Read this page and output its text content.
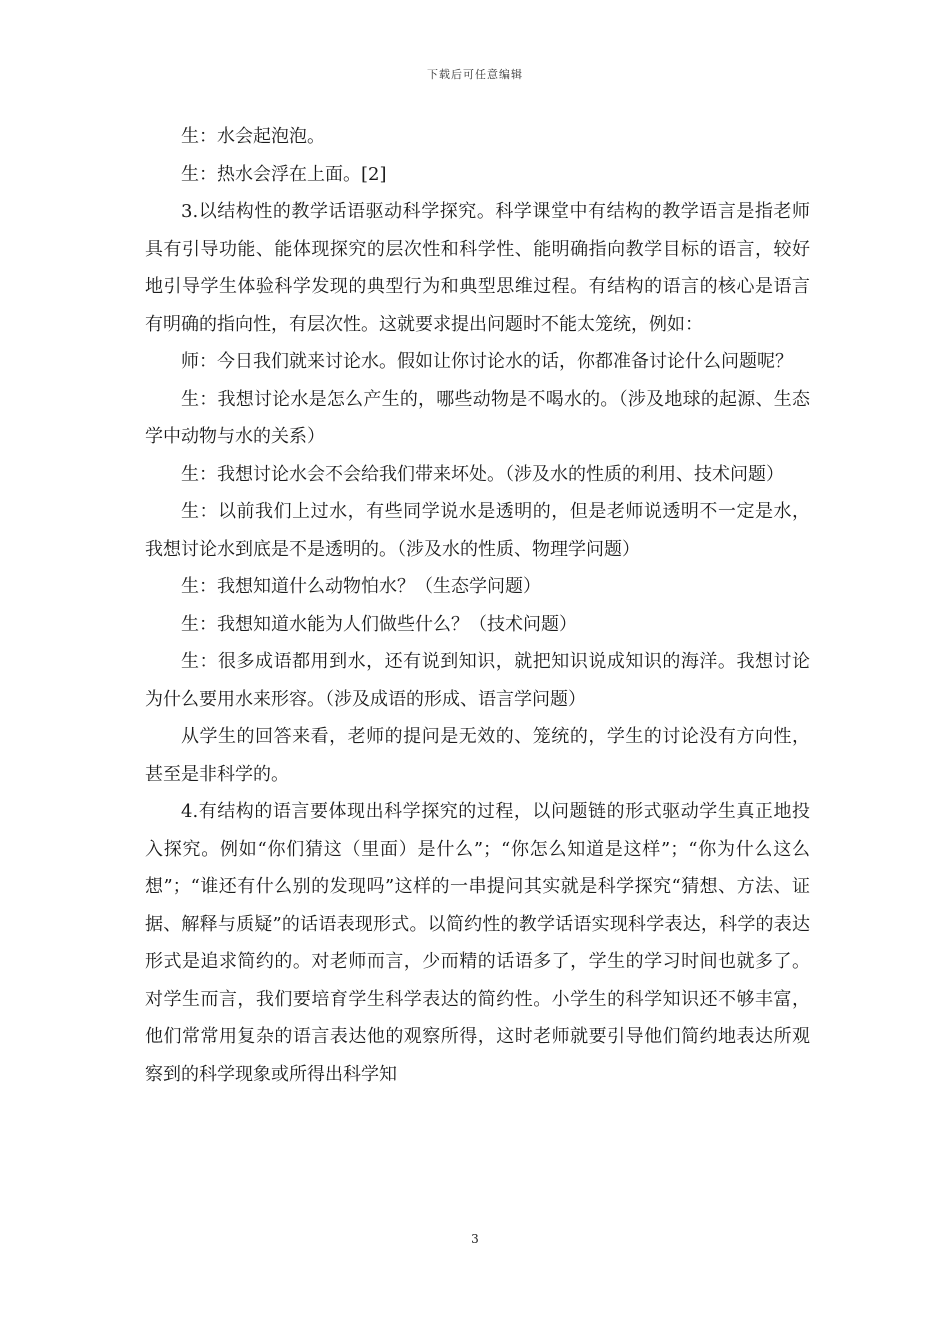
下载后可任意编辑

生：水会起泡泡。

生：热水会浮在上面。[2]

3.以结构性的教学话语驱动科学探究。科学课堂中有结构的教学语言是指老师具有引导功能、能体现探究的层次性和科学性、能明确指向教学目标的语言，较好地引导学生体验科学发现的典型行为和典型思维过程。有结构的语言的核心是语言有明确的指向性，有层次性。这就要求提出问题时不能太笼统，例如：

师：今日我们就来讨论水。假如让你讨论水的话，你都准备讨论什么问题呢？

生：我想讨论水是怎么产生的，哪些动物是不喝水的。（涉及地球的起源、生态学中动物与水的关系）

生：我想讨论水会不会给我们带来坏处。（涉及水的性质的利用、技术问题）

生：以前我们上过水，有些同学说水是透明的，但是老师说透明不一定是水，我想讨论水到底是不是透明的。（涉及水的性质、物理学问题）

生：我想知道什么动物怕水？（生态学问题）

生：我想知道水能为人们做些什么？（技术问题）

生：很多成语都用到水，还有说到知识，就把知识说成知识的海洋。我想讨论为什么要用水来形容。（涉及成语的形成、语言学问题）

从学生的回答来看，老师的提问是无效的、笼统的，学生的讨论没有方向性，甚至是非科学的。

4.有结构的语言要体现出科学探究的过程，以问题链的形式驱动学生真正地投入探究。例如“你们猜这（里面）是什么”；“你怎么知道是这样”；“你为什么这么想”；“谁还有什么别的发现吗”这样的一串提问其实就是科学探究“猜想、方法、证据、解释与质疑”的话语表现形式。以简约性的教学话语实现科学表达，科学的表达形式是追求简约的。对老师而言，少而精的话语多了，学生的学习时间也就多了。对学生而言，我们要培育学生科学表达的简约性。小学生的科学知识还不够丰富，他们常常用复杂的语言表达他的观察所得，这时老师就要引导他们简约地表达所观察到的科学现象或所得出科学知

3
